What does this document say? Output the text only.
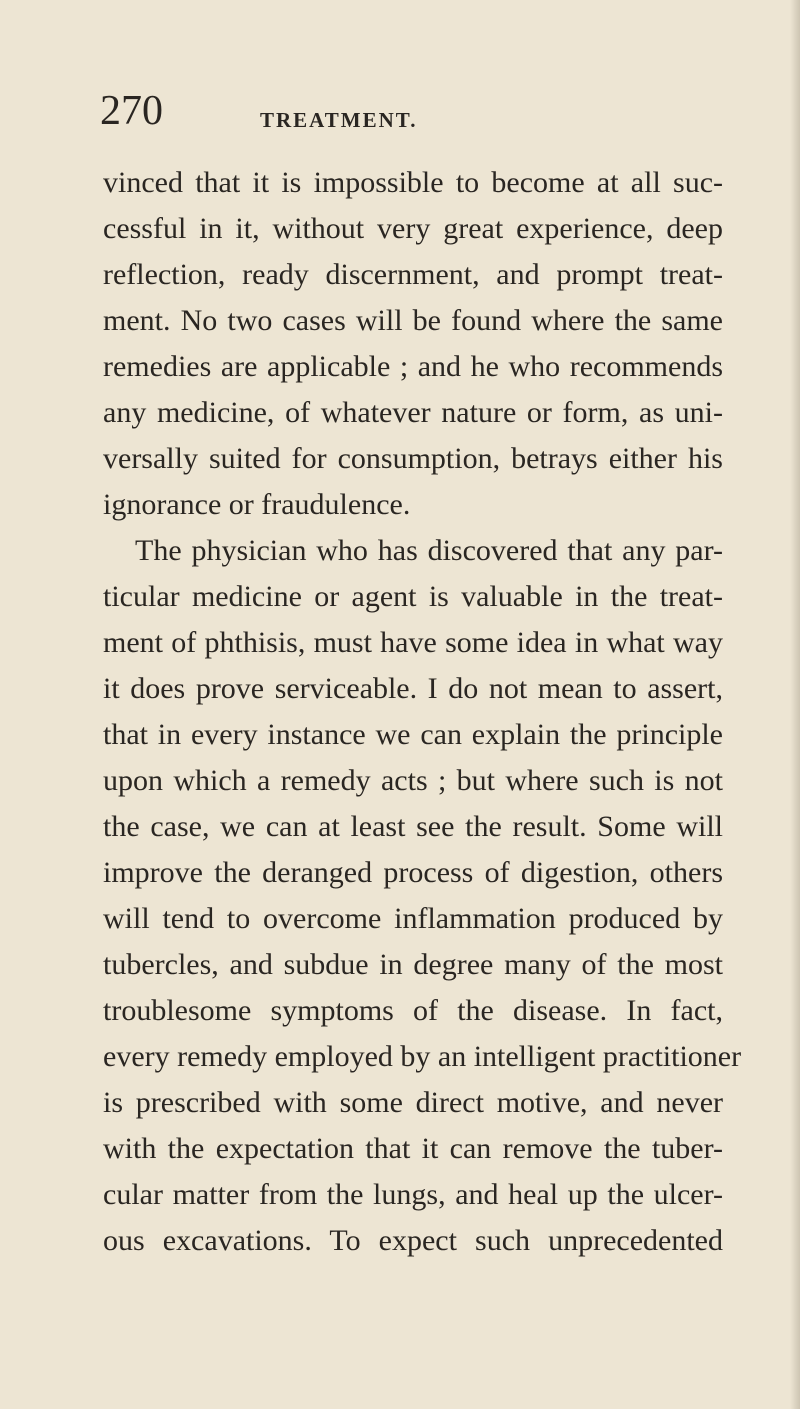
270	TREATMENT.
vinced that it is impossible to become at all suc-
cessful in it, without very great experience, deep
reflection, ready discernment, and prompt treat-
ment. No two cases will be found where the same
remedies are applicable ; and he who recommends
any medicine, of whatever nature or form, as uni-
versally suited for consumption, betrays either his
ignorance or fraudulence.
The physician who has discovered that any par-
ticular medicine or agent is valuable in the treat-
ment of phthisis, must have some idea in what way
it does prove serviceable. I do not mean to assert,
that in every instance we can explain the principle
upon which a remedy acts ; but where such is not
the case, we can at least see the result. Some will
improve the deranged process of digestion, others
will tend to overcome inflammation produced by
tubercles, and subdue in degree many of the most
troublesome symptoms of the disease. In fact,
every remedy employed by an intelligent practitioner
is prescribed with some direct motive, and never
with the expectation that it can remove the tuber-
cular matter from the lungs, and heal up the ulcer-
ous excavations. To expect such unprecedented
